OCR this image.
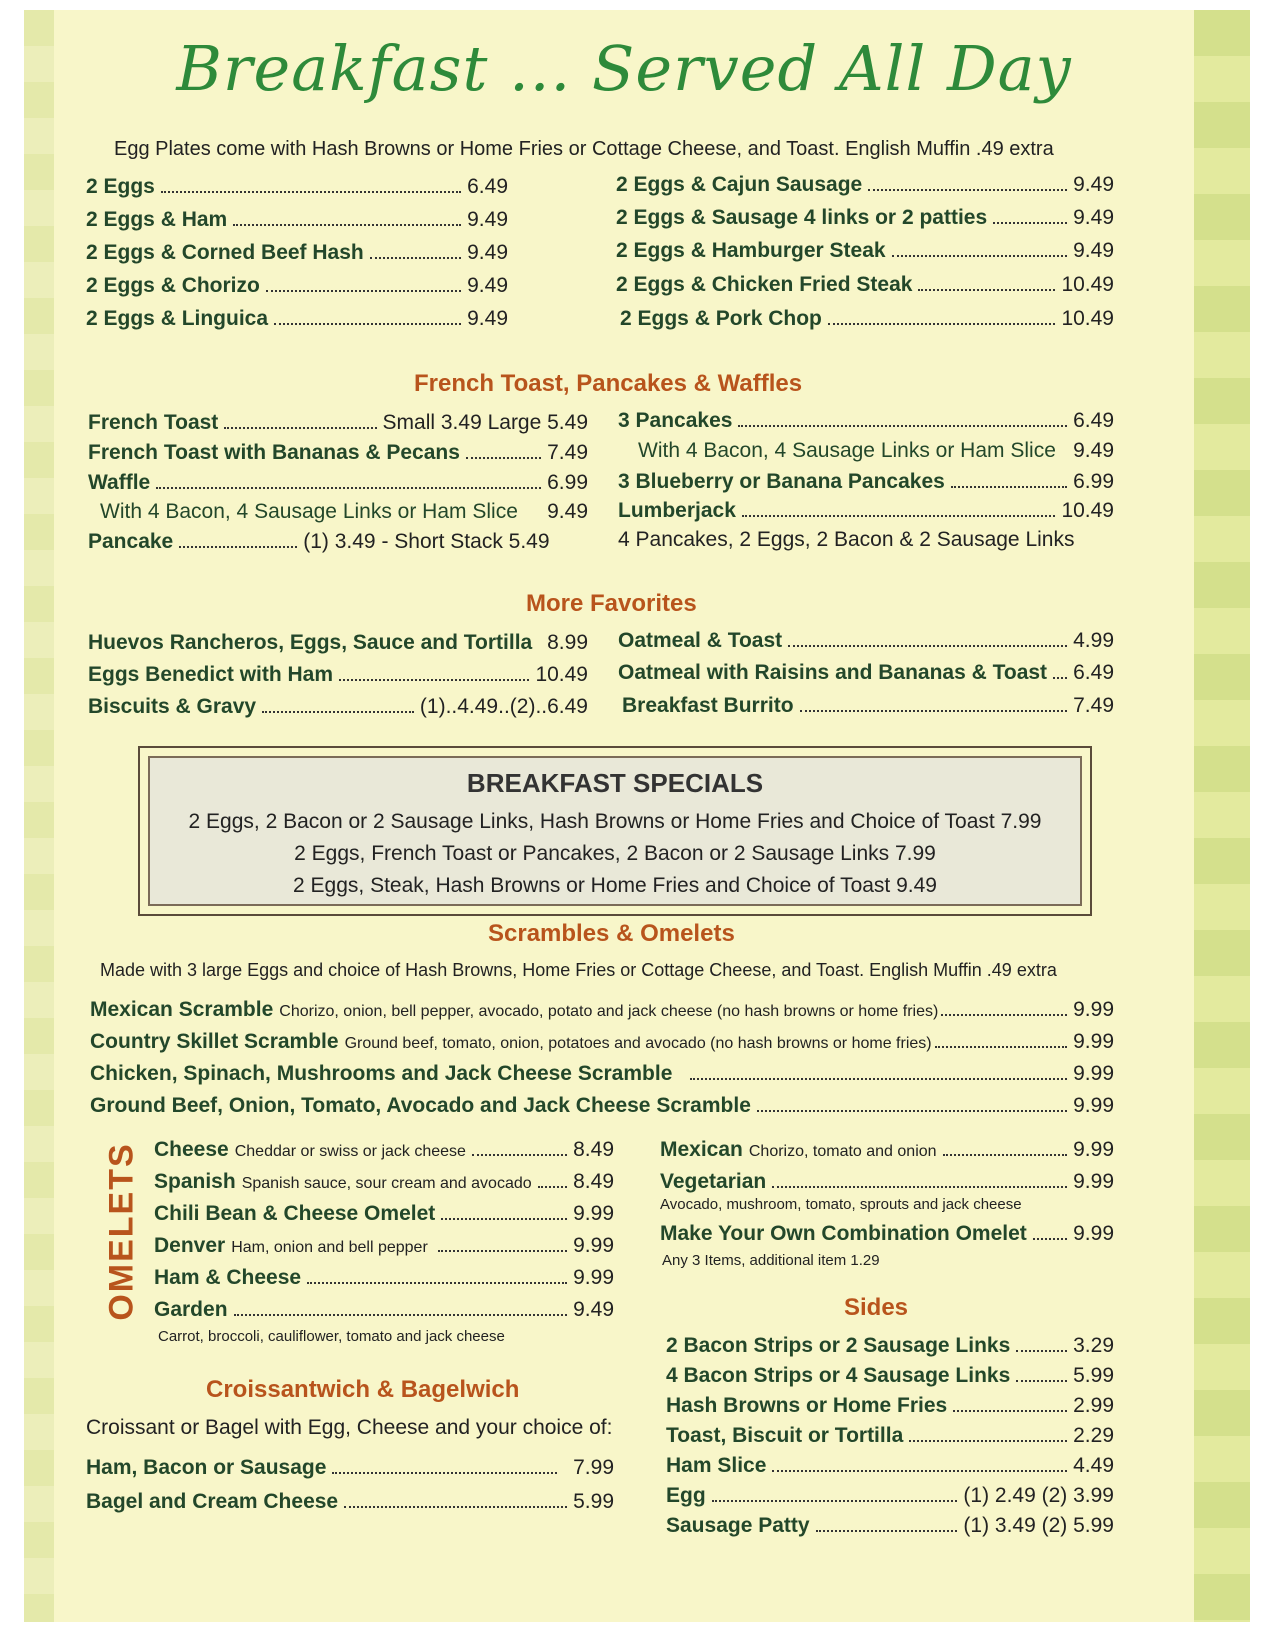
Breakfast ... Served All Day
Egg Plates come with Hash Browns or Home Fries or Cottage Cheese, and Toast. English Muffin .49 extra
2 Eggs	6.49
2 Eggs & Ham	9.49
2 Eggs & Corned Beef Hash	9.49
2 Eggs & Chorizo	9.49
2 Eggs & Linguica	9.49
2 Eggs & Cajun Sausage	9.49
2 Eggs & Sausage 4 links or 2 patties	9.49
2 Eggs & Hamburger Steak	9.49
2 Eggs & Chicken Fried Steak	10.49
2 Eggs & Pork Chop	10.49
French Toast, Pancakes & Waffles
French Toast	Small 3.49 Large 5.49
French Toast with Bananas & Pecans	7.49
Waffle	6.99
With 4 Bacon, 4 Sausage Links or Ham Slice 9.49
Pancake	(1) 3.49 - Short Stack 5.49
3 Pancakes	6.49
With 4 Bacon, 4 Sausage Links or Ham Slice 9.49
3 Blueberry or Banana Pancakes	6.99
Lumberjack	10.49
4 Pancakes, 2 Eggs, 2 Bacon & 2 Sausage Links
More Favorites
Huevos Rancheros, Eggs, Sauce and Tortilla 8.99
Eggs Benedict with Ham	10.49
Biscuits & Gravy	(1)..4.49..(2)..6.49
Oatmeal & Toast	4.99
Oatmeal with Raisins and Bananas & Toast 6.49
Breakfast Burrito	7.49
BREAKFAST SPECIALS
2 Eggs, 2 Bacon or 2 Sausage Links, Hash Browns or Home Fries and Choice of Toast 7.99
2 Eggs, French Toast or Pancakes, 2 Bacon or 2 Sausage Links 7.99
2 Eggs, Steak, Hash Browns or Home Fries and Choice of Toast 9.49
Scrambles & Omelets
Made with 3 large Eggs and choice of Hash Browns, Home Fries or Cottage Cheese, and Toast. English Muffin .49 extra
Mexican Scramble Chorizo, onion, bell pepper, avocado, potato and jack cheese (no hash browns or home fries)	9.99
Country Skillet Scramble Ground beef, tomato, onion, potatoes and avocado (no hash browns or home fries)	9.99
Chicken, Spinach, Mushrooms and Jack Cheese Scramble	9.99
Ground Beef, Onion, Tomato, Avocado and Jack Cheese Scramble	9.99
OMELETS Cheese Cheddar or swiss or jack cheese	8.49
Spanish Spanish sauce, sour cream and avocado 8.49
Chili Bean & Cheese Omelet	9.99
Denver Ham, onion and bell pepper	9.99
Ham & Cheese	9.99
Garden	9.49
Carrot, broccoli, cauliflower, tomato and jack cheese
Mexican Chorizo, tomato and onion	9.99
Vegetarian	9.99
Avocado, mushroom, tomato, sprouts and jack cheese
Make Your Own Combination Omelet 9.99
Any 3 Items, additional item 1.29
Croissantwich & Bagelwich
Croissant or Bagel with Egg, Cheese and your choice of:
Ham, Bacon or Sausage	7.99
Bagel and Cream Cheese	5.99
Sides
2 Bacon Strips or 2 Sausage Links	3.29
4 Bacon Strips or 4 Sausage Links	5.99
Hash Browns or Home Fries	2.99
Toast, Biscuit or Tortilla	2.29
Ham Slice	4.49
Egg	(1) 2.49 (2) 3.99
Sausage Patty	(1) 3.49 (2) 5.99
